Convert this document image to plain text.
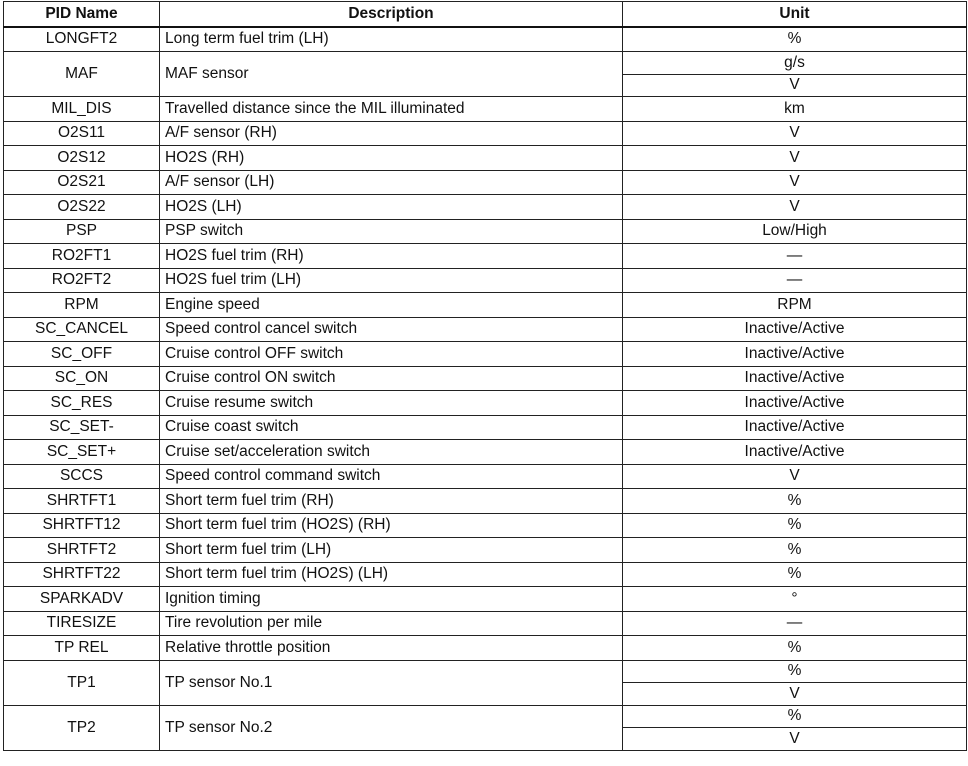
PID Name	Description	Unit
LONGFT2	Long term fuel trim (LH)	%
MAF	MAF sensor	g/s
		V
MIL_DIS	Travelled distance since the MIL illuminated	km
O2S11	A/F sensor (RH)	V
O2S12	HO2S (RH)	V
O2S21	A/F sensor (LH)	V
O2S22	HO2S (LH)	V
PSP	PSP switch	Low/High
RO2FT1	HO2S fuel trim (RH)	—
RO2FT2	HO2S fuel trim (LH)	—
RPM	Engine speed	RPM
SC_CANCEL	Speed control cancel switch	Inactive/Active
SC_OFF	Cruise control OFF switch	Inactive/Active
SC_ON	Cruise control ON switch	Inactive/Active
SC_RES	Cruise resume switch	Inactive/Active
SC_SET-	Cruise coast switch	Inactive/Active
SC_SET+	Cruise set/acceleration switch	Inactive/Active
SCCS	Speed control command switch	V
SHRTFT1	Short term fuel trim (RH)	%
SHRTFT12	Short term fuel trim (HO2S) (RH)	%
SHRTFT2	Short term fuel trim (LH)	%
SHRTFT22	Short term fuel trim (HO2S) (LH)	%
SPARKADV	Ignition timing	°
TIRESIZE	Tire revolution per mile	—
TP REL	Relative throttle position	%
TP1	TP sensor No.1	%
		V
TP2	TP sensor No.2	%
		V
